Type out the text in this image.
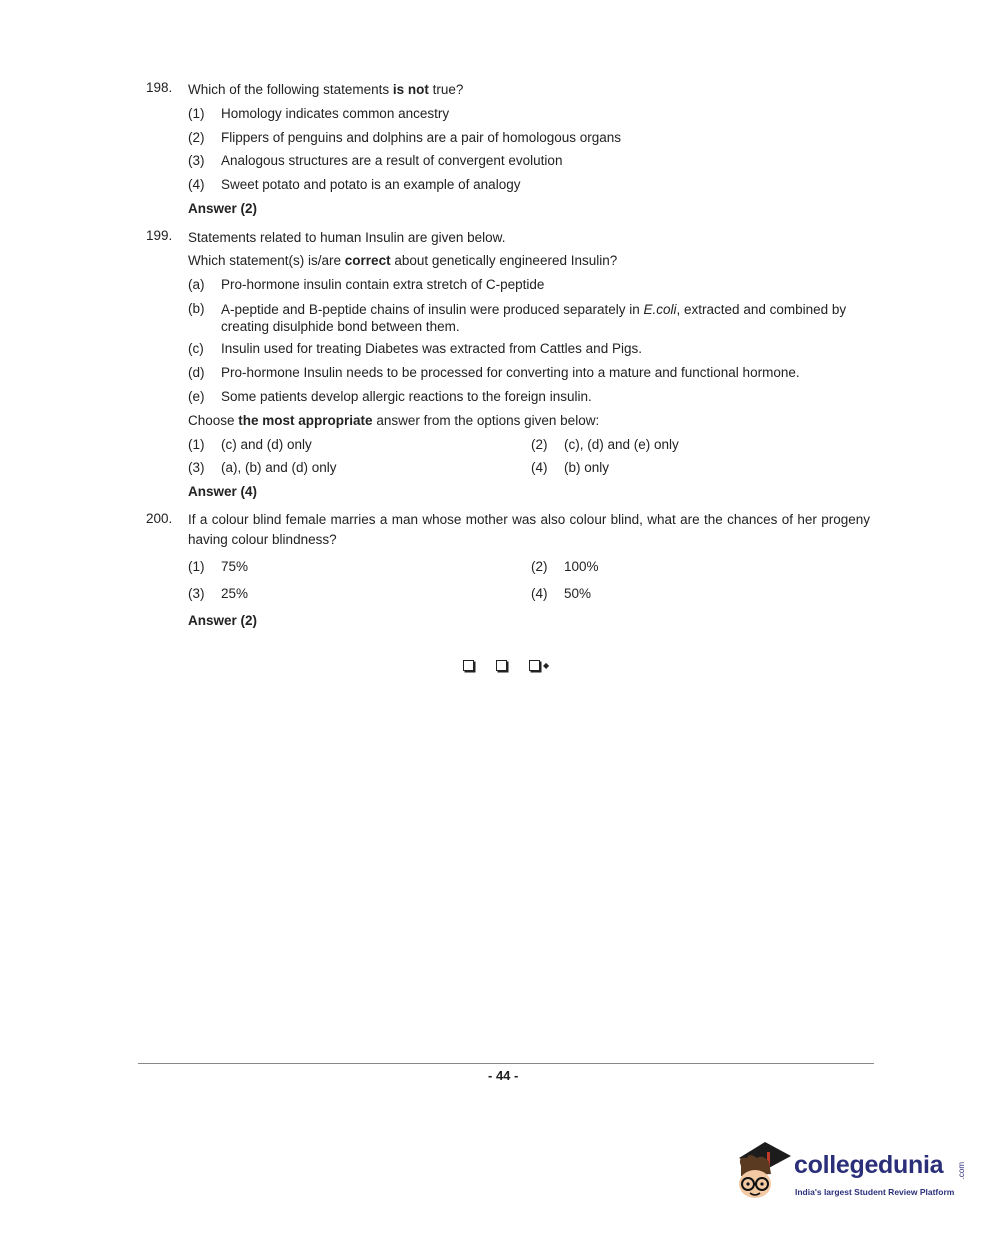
198. Which of the following statements is not true?
(1) Homology indicates common ancestry
(2) Flippers of penguins and dolphins are a pair of homologous organs
(3) Analogous structures are a result of convergent evolution
(4) Sweet potato and potato is an example of analogy
Answer (2)
199. Statements related to human Insulin are given below.
Which statement(s) is/are correct about genetically engineered Insulin?
(a) Pro-hormone insulin contain extra stretch of C-peptide
(b) A-peptide and B-peptide chains of insulin were produced separately in E.coli, extracted and combined by creating disulphide bond between them.
(c) Insulin used for treating Diabetes was extracted from Cattles and Pigs.
(d) Pro-hormone Insulin needs to be processed for converting into a mature and functional hormone.
(e) Some patients develop allergic reactions to the foreign insulin.
Choose the most appropriate answer from the options given below:
(1) (c) and (d) only	(2) (c), (d) and (e) only
(3) (a), (b) and (d) only	(4) (b) only
Answer (4)
200. If a colour blind female marries a man whose mother was also colour blind, what are the chances of her progeny having colour blindness?
(1) 75%	(2) 100%
(3) 25%	(4) 50%
Answer (2)
◆
- 44 -
collegedunia .com
India's largest Student Review Platform
